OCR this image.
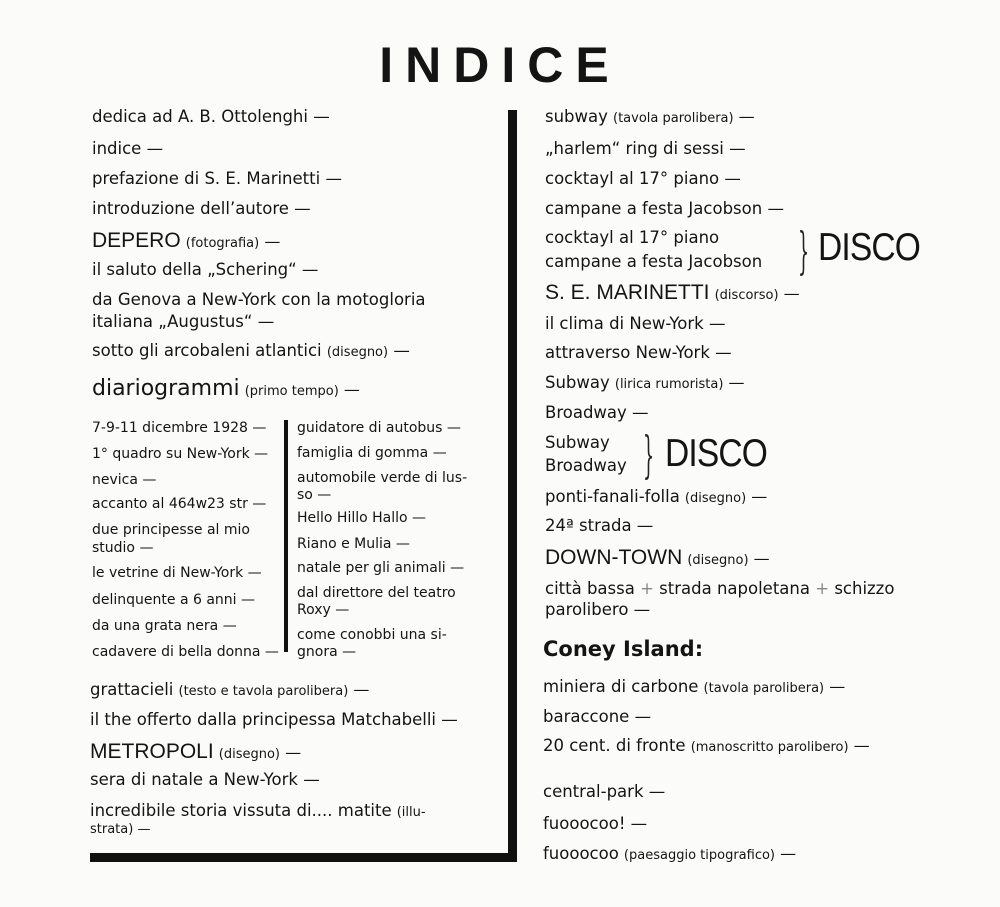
INDICE
dedica ad A. B. Ottolenghi —
indice —
prefazione di S. E. Marinetti —
introduzione dell’autore —
DEPERO (fotografia) —
il saluto della „Schering“ —
da Genova a New-York con la motogloria
italiana „Augustus“ —
sotto gli arcobaleni atlantici (disegno) —
diariogrammi (primo tempo) —
7-9-11 dicembre 1928 —
1° quadro su New-York —
nevica —
accanto al 464w23 str —
due principesse al mio
studio —
le vetrine di New-York —
delinquente a 6 anni —
da una grata nera —
cadavere di bella donna —
guidatore di autobus —
famiglia di gomma —
automobile verde di lus-
so —
Hello Hillo Hallo —
Riano e Mulia —
natale per gli animali —
dal direttore del teatro
Roxy —
come conobbi una si-
gnora —
grattacieli (testo e tavola parolibera) —
il the offerto dalla principessa Matchabelli —
METROPOLI (disegno) —
sera di natale a New-York —
incredibile storia vissuta di.... matite (illu-
strata) —
subway (tavola parolibera) —
„harlem“ ring di sessi —
cocktayl al 17° piano —
campane a festa Jacobson —
cocktayl al 17° piano
campane a festa Jacobson } DISCO
S. E. MARINETTI (discorso) —
il clima di New-York —
attraverso New-York —
Subway (lirica rumorista) —
Broadway —
Subway
Broadway } DISCO
ponti-fanali-folla (disegno) —
24ª strada —
DOWN-TOWN (disegno) —
città bassa + strada napoletana + schizzo
parolibero —
Coney Island:
miniera di carbone (tavola parolibera) —
baraccone —
20 cent. di fronte (manoscritto parolibero) —
central-park —
fuooocoo! —
fuooocoo (paesaggio tipografico) —
